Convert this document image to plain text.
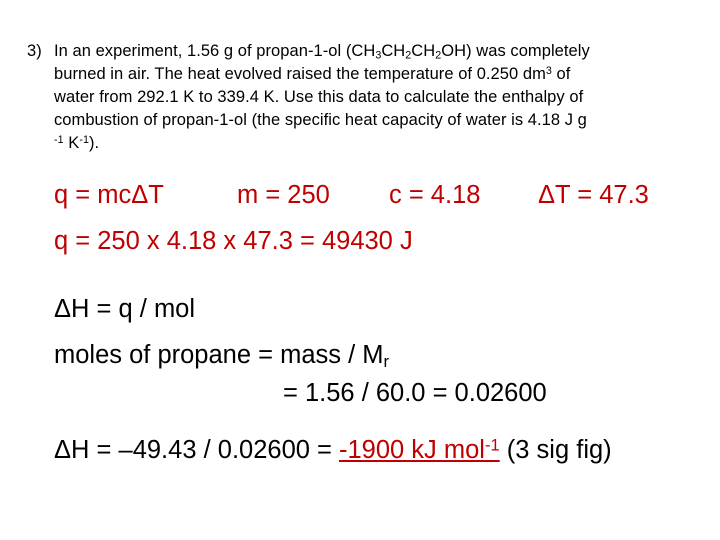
3) In an experiment, 1.56 g of propan-1-ol $(CH_3CH_2CH_2OH)$ was completely
burned in air. The heat evolved raised the temperature of 0.250 $dm^3$ of
water from 292.1 K to 339.4 K. Use this data to calculate the enthalpy of
combustion of propan-1-ol (the specific heat capacity of water is 4.18 J g
$^{-1}$ $K^{-1}$).
q = mcΔT	m = 250 c = 4.18 ΔT = 47.3
q = 250 x 4.18 x 47.3 = 49430 J
ΔH = q / mol
moles of propane = mass / $M_r$
= 1.56 / 60.0 = 0.02600
ΔH = –49.43 / 0.02600 = -1900 kJ mol$^{-1}$ (3 sig fig)
